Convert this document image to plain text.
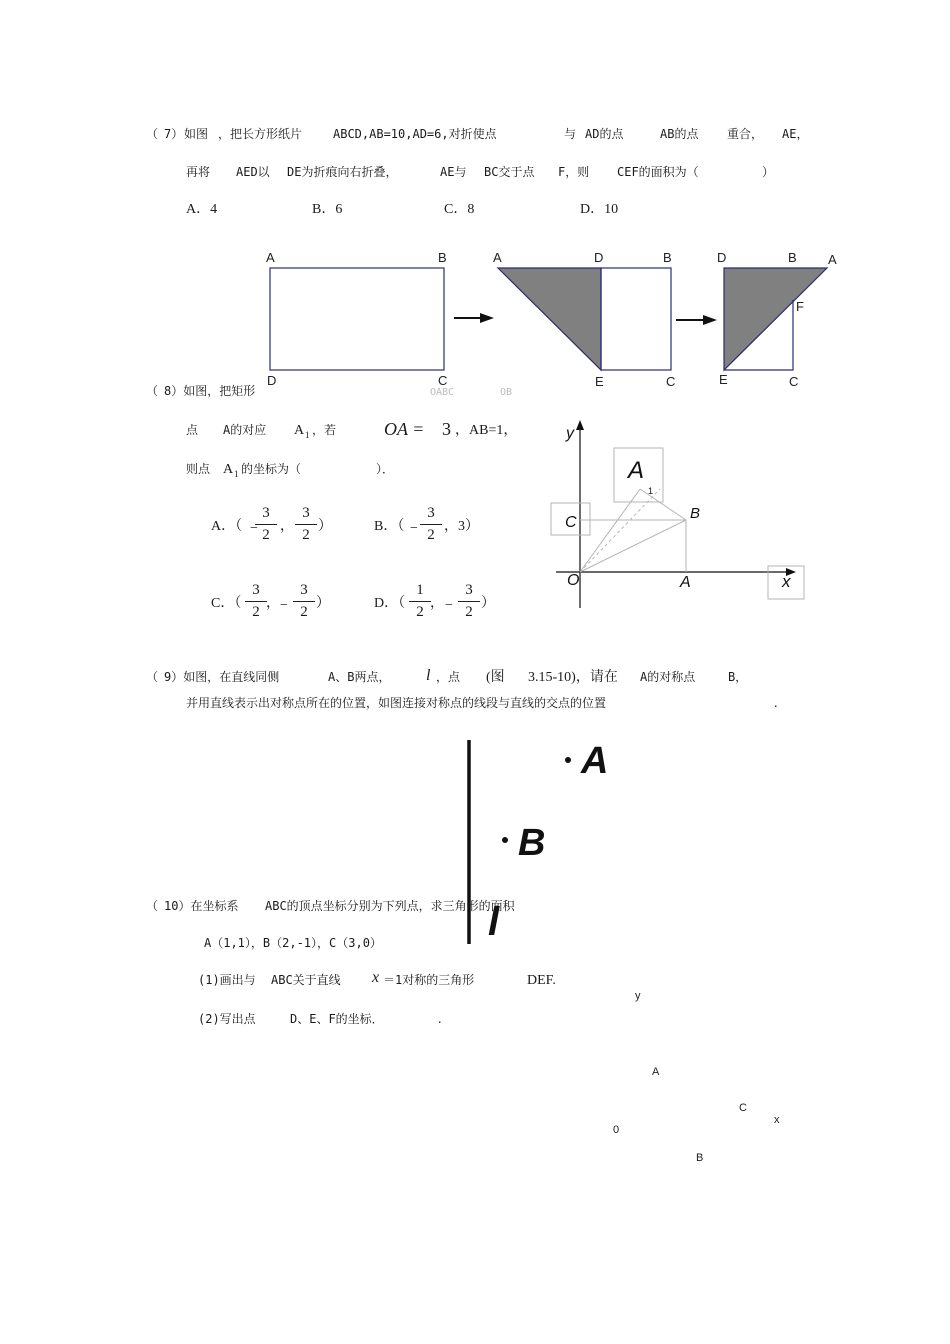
（ 7） 如图 ，把长方形纸片	ABCD,AB=10,AD=6,对折使点	与 AD的点	AB的点 重合， AE，
再将 AED以 DE为折痕向右折叠，	AE与 BC交于点 F，则 CEF的面积为（	）
A．4	B．6	C．8	D．10
A	B
D	C
A	D	B
E	C
D	B A
F
E	C
（ 8）如图，把矩形	OABC	OB
点 A的对应 A 1 ，若	OA = 3 ，AB=1，
则点 A 1 的坐标为（	）．
A．（ −
3
2 ，
3
2 ）	B．（ −
3
2 ，3）
C．（
3
2 ， −
3
2 ）	D．（
1
2 ， −
3
2 ）
y
x
A
1
C
B
O	A
（ 9）如图，在直线同侧	A、B两点， l ，点 (图 3.15-10)，请在 A的对称点	B，
并用直线表示出对称点所在的位置，如图连接对称点的线段与直线的交点的位置	.
A
B
l
（ 10）在坐标系 ABC的顶点坐标分别为下列点，求三角形的面积
A（1,1），B（2,-1），C（3,0）
(1)画出与 ABC关于直线 x ＝1对称的三角形	DEF.
(2)写出点	D、E、F的坐标．	.
y
A
C
x
0
B
